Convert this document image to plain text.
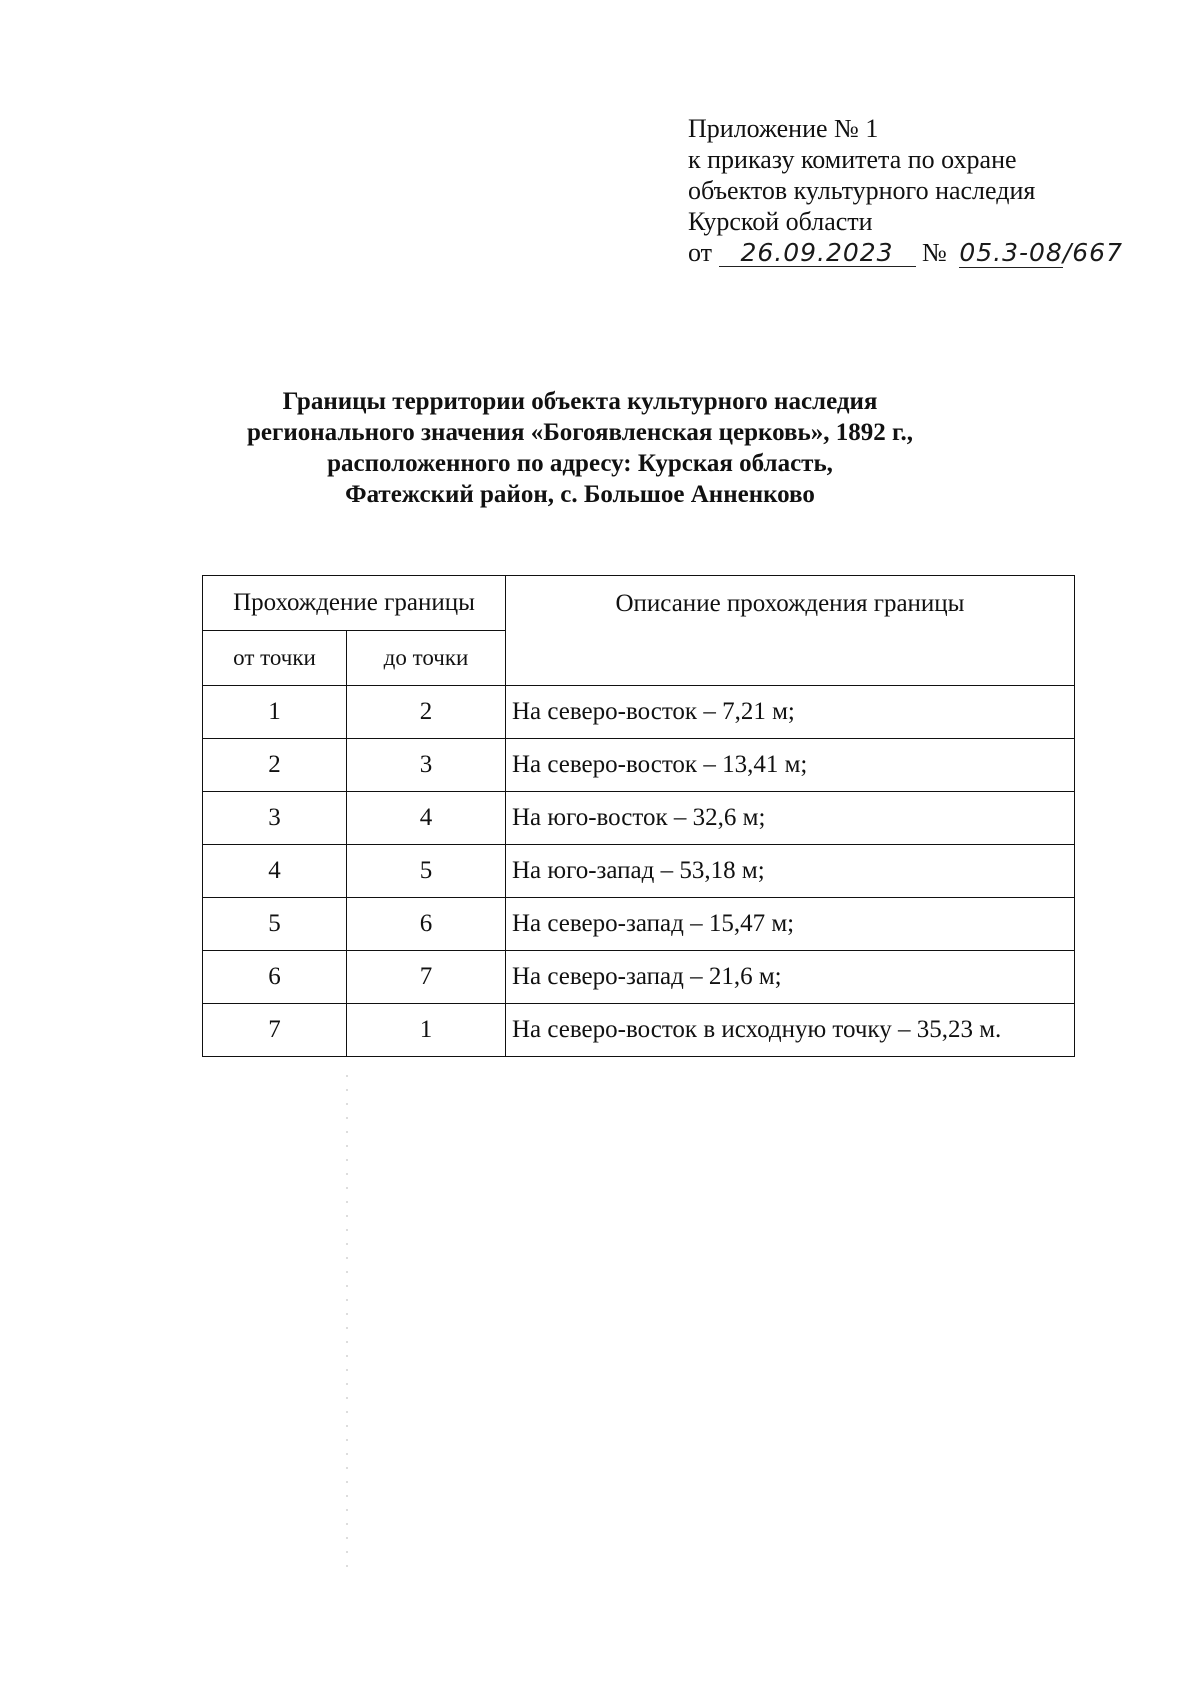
Приложение № 1
к приказу комитета по охране
объектов культурного наследия
Курской области
от 26.09.2023 № 05.3-08/667
Границы территории объекта культурного наследия
регионального значения «Богоявленская церковь», 1892 г.,
расположенного по адресу: Курская область,
Фатежский район, с. Большое Анненково
Прохождение границы		Описание прохождения границы
от точки	до точки	
1	2	На северо-восток – 7,21 м;
2	3	На северо-восток – 13,41 м;
3	4	На юго-восток – 32,6 м;
4	5	На юго-запад – 53,18 м;
5	6	На северо-запад – 15,47 м;
6	7	На северо-запад – 21,6 м;
7	1	На северо-восток в исходную точку – 35,23 м.
